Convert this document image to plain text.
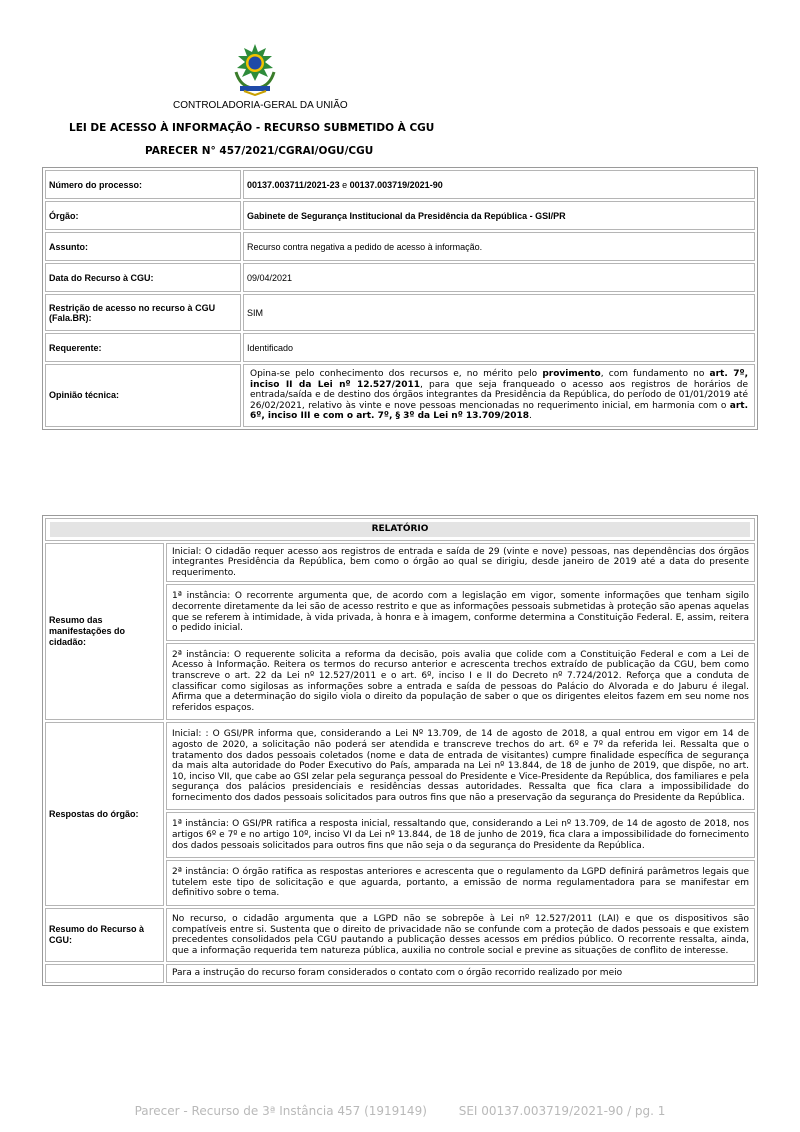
CONTROLADORIA-GERAL DA UNIÃO
LEI DE ACESSO À INFORMAÇÃO - RECURSO SUBMETIDO À CGU
PARECER N° 457/2021/CGRAI/OGU/CGU
Número do processo:	00137.003711/2021-23 e 00137.003719/2021-90
Órgão:	Gabinete de Segurança Institucional da Presidência da República - GSI/PR
Assunto:	Recurso contra negativa a pedido de acesso à informação.
Data do Recurso à CGU:	09/04/2021
Restrição de acesso no recurso à CGU (Fala.BR):	SIM
Requerente:	Identificado
Opinião técnica:	Opina-se pelo conhecimento dos recursos e, no mérito pelo provimento, com fundamento no art. 7º, inciso II da Lei nº 12.527/2011, para que seja franqueado o acesso aos registros de horários de entrada/saída e de destino dos órgãos integrantes da Presidência da República, do período de 01/01/2019 até 26/02/2021, relativo às vinte e nove pessoas mencionadas no requerimento inicial, em harmonia com o art. 6º, inciso III e com o art. 7º, § 3º da Lei nº 13.709/2018.
RELATÓRIO	

Resumo das manifestações do cidadão:	Inicial: O cidadão requer acesso aos registros de entrada e saída de 29 (vinte e nove) pessoas, nas dependências dos órgãos integrantes Presidência da República, bem como o órgão ao qual se dirigiu, desde janeiro de 2019 até a data do presente requerimento.
	1ª instância: O recorrente argumenta que, de acordo com a legislação em vigor, somente informações que tenham sigilo decorrente diretamente da lei são de acesso restrito e que as informações pessoais submetidas à proteção são apenas aquelas que se referem à intimidade, à vida privada, à honra e à imagem, conforme determina a Constituição Federal. E, assim, reitera o pedido inicial.
	2ª instância: O requerente solicita a reforma da decisão, pois avalia que colide com a Constituição Federal e com a Lei de Acesso à Informação. Reitera os termos do recurso anterior e acrescenta trechos extraído de publicação da CGU, bem como transcreve o art. 22 da Lei nº 12.527/2011 e o art. 6º, inciso I e II do Decreto nº 7.724/2012. Reforça que a conduta de classificar como sigilosas as informações sobre a entrada e saída de pessoas do Palácio do Alvorada e do Jaburu é ilegal. Afirma que a determinação do sigilo viola o direito da população de saber o que os dirigentes eleitos fazem em seu nome nos referidos espaços.
Respostas do órgão:	Inicial: : O GSI/PR informa que, considerando a Lei Nº 13.709, de 14 de agosto de 2018, a qual entrou em vigor em 14 de agosto de 2020, a solicitação não poderá ser atendida e transcreve trechos do art. 6º e 7º da referida lei. Ressalta que o tratamento dos dados pessoais coletados (nome e data de entrada de visitantes) cumpre finalidade específica de segurança da mais alta autoridade do Poder Executivo do País, amparada na Lei nº 13.844, de 18 de junho de 2019, que dispõe, no art. 10, inciso VII, que cabe ao GSI zelar pela segurança pessoal do Presidente e Vice-Presidente da República, dos familiares e pela segurança dos palácios presidenciais e residências dessas autoridades. Ressalta que fica clara a impossibilidade do fornecimento dos dados pessoais solicitados para outros fins que não a preservação da segurança do Presidente da República.
	1ª instância: O GSI/PR ratifica a resposta inicial, ressaltando que, considerando a Lei nº 13.709, de 14 de agosto de 2018, nos artigos 6º e 7º e no artigo 10º, inciso VI da Lei nº 13.844, de 18 de junho de 2019, fica clara a impossibilidade do fornecimento dos dados pessoais solicitados para outros fins que não seja o da segurança do Presidente da República.
	2ª instância: O órgão ratifica as respostas anteriores e acrescenta que o regulamento da LGPD definirá parâmetros legais que tutelem este tipo de solicitação e que aguarda, portanto, a emissão de norma regulamentadora para se manifestar em definitivo sobre o tema.
Resumo do Recurso à CGU:	No recurso, o cidadão argumenta que a LGPD não se sobrepõe à Lei nº 12.527/2011 (LAI) e que os dispositivos são compatíveis entre si. Sustenta que o direito de privacidade não se confunde com a proteção de dados pessoais e que existem precedentes consolidados pela CGU pautando a publicação desses acessos em prédios público. O recorrente ressalta, ainda, que a informação requerida tem natureza pública, auxilia no controle social e previne as situações de conflito de interesse.
	Para a instrução do recurso foram considerados o contato com o órgão recorrido realizado por meio
Parecer - Recurso de 3ª Instância 457 (1919149)	SEI 00137.003719/2021-90 / pg. 1
